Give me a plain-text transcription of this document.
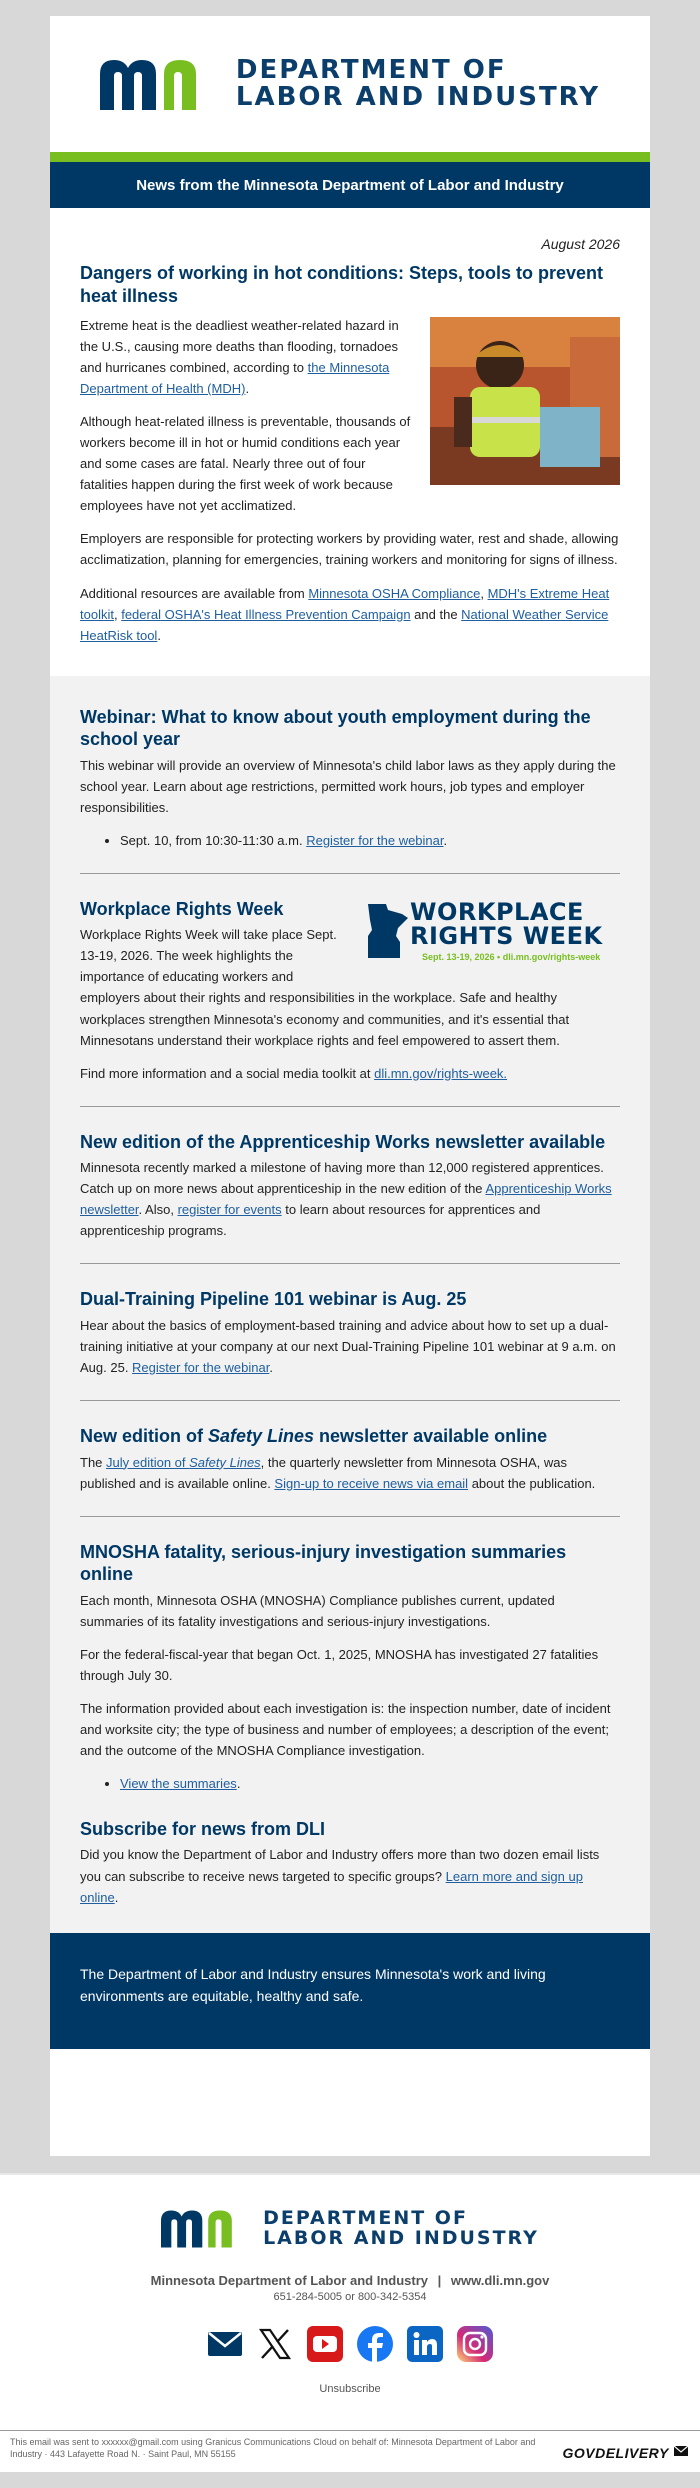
DEPARTMENT OF
LABOR AND INDUSTRY
News from the Minnesota Department of Labor and Industry
August 2026
Dangers of working in hot conditions: Steps, tools to prevent heat illness

Extreme heat is the deadliest weather-related hazard in the U.S., causing more deaths than flooding, tornadoes and hurricanes combined, according to the Minnesota Department of Health (MDH).

Although heat-related illness is preventable, thousands of workers become ill in hot or humid conditions each year and some cases are fatal. Nearly three out of four fatalities happen during the first week of work because employees have not yet acclimatized.

Employers are responsible for protecting workers by providing water, rest and shade, allowing acclimatization, planning for emergencies, training workers and monitoring for signs of illness.

Additional resources are available from Minnesota OSHA Compliance, MDH's Extreme Heat toolkit, federal OSHA's Heat Illness Prevention Campaign and the National Weather Service HeatRisk tool.

Webinar: What to know about youth employment during the school year

This webinar will provide an overview of Minnesota's child labor laws as they apply during the school year. Learn about age restrictions, permitted work hours, job types and employer responsibilities.

• Sept. 10, from 10:30-11:30 a.m. Register for the webinar.
WORKPLACE
RIGHTS WEEK
Sept. 13-19, 2026 • dli.mn.gov/rights-week
Workplace Rights Week

Workplace Rights Week will take place Sept. 13-19, 2026. The week highlights the importance of educating workers and employers about their rights and responsibilities in the workplace. Safe and healthy workplaces strengthen Minnesota's economy and communities, and it's essential that Minnesotans understand their workplace rights and feel empowered to assert them.

Find more information and a social media toolkit at dli.mn.gov/rights-week.

New edition of the Apprenticeship Works newsletter available

Minnesota recently marked a milestone of having more than 12,000 registered apprentices. Catch up on more news about apprenticeship in the new edition of the Apprenticeship Works newsletter. Also, register for events to learn about resources for apprentices and apprenticeship programs.

Dual-Training Pipeline 101 webinar is Aug. 25

Hear about the basics of employment-based training and advice about how to set up a dual-training initiative at your company at our next Dual-Training Pipeline 101 webinar at 9 a.m. on Aug. 25. Register for the webinar.

New edition of Safety Lines newsletter available online

The July edition of Safety Lines, the quarterly newsletter from Minnesota OSHA, was published and is available online. Sign-up to receive news via email about the publication.

MNOSHA fatality, serious-injury investigation summaries online

Each month, Minnesota OSHA (MNOSHA) Compliance publishes current, updated summaries of its fatality investigations and serious-injury investigations.

For the federal-fiscal-year that began Oct. 1, 2025, MNOSHA has investigated 27 fatalities through July 30.

The information provided about each investigation is: the inspection number, date of incident and worksite city; the type of business and number of employees; a description of the event; and the outcome of the MNOSHA Compliance investigation.

• View the summaries.
Subscribe for news from DLI

Did you know the Department of Labor and Industry offers more than two dozen email lists you can subscribe to receive news targeted to specific groups? Learn more and sign up online.

The Department of Labor and Industry ensures Minnesota's work and living environments are equitable, healthy and safe.
DEPARTMENT OF
LABOR AND INDUSTRY
Minnesota Department of Labor and Industry | www.dli.mn.gov
651-284-5005 or 800-342-5354
Unsubscribe
This email was sent to xxxxxx@gmail.com using Granicus Communications Cloud on behalf of: Minnesota Department of Labor and Industry · 443 Lafayette Road N. · Saint Paul, MN 55155	GOVDELIVERY
